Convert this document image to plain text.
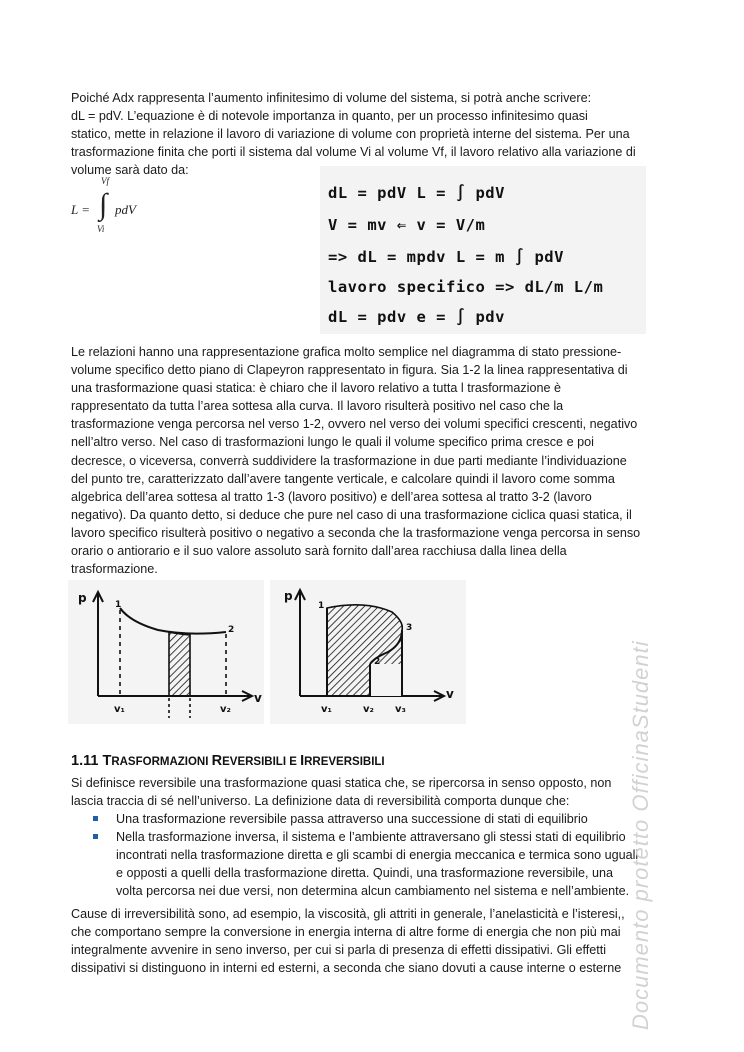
Poiché Adx rappresenta l’aumento infinitesimo di volume del sistema, si potrà anche scrivere:
dL = pdV. L’equazione è di notevole importanza in quanto, per un processo infinitesimo quasi
statico, mette in relazione il lavoro di variazione di volume con proprietà interne del sistema. Per una
trasformazione finita che porti il sistema dal volume Vi al volume Vf, il lavoro relativo alla variazione di
volume sarà dato da:
L = ∫
Vf
Vi
pdV
dL = pdV L = ∫ pdV
V = mv ⇐ v = V/m
=> dL = mpdv L = m ∫ pdV
lavoro specifico => dL/m L/m
dL = pdv e = ∫ pdv
Le relazioni hanno una rappresentazione grafica molto semplice nel diagramma di stato pressione-
volume specifico detto piano di Clapeyron rappresentato in figura. Sia 1-2 la linea rappresentativa di
una trasformazione quasi statica: è chiaro che il lavoro relativo a tutta l trasformazione è
rappresentato da tutta l’area sottesa alla curva. Il lavoro risulterà positivo nel caso che la
trasformazione venga percorsa nel verso 1-2, ovvero nel verso dei volumi specifici crescenti, negativo
nell’altro verso. Nel caso di trasformazioni lungo le quali il volume specifico prima cresce e poi
decresce, o viceversa, converrà suddividere la trasformazione in due parti mediante l’individuazione
del punto tre, caratterizzato dall’avere tangente verticale, e calcolare quindi il lavoro come somma
algebrica dell’area sottesa al tratto 1-3 (lavoro positivo) e dell’area sottesa al tratto 3-2 (lavoro
negativo). Da quanto detto, si deduce che pure nel caso di una trasformazione ciclica quasi statica, il
lavoro specifico risulterà positivo o negativo a seconda che la trasformazione venga percorsa in senso
orario o antiorario e il suo valore assoluto sarà fornito dall’area racchiusa dalla linea della
trasformazione.
p
v
1
2
v₁	v₂
p
v
1
2
3
v₁	v₂ v₃
1.11 TRASFORMAZIONI REVERSIBILI E IRREVERSIBILI
Si definisce reversibile una trasformazione quasi statica che, se ripercorsa in senso opposto, non
lascia traccia di sé nell’universo. La definizione data di reversibilità comporta dunque che:
Una trasformazione reversibile passa attraverso una successione di stati di equilibrio
Nella trasformazione inversa, il sistema e l’ambiente attraversano gli stessi stati di equilibrio
incontrati nella trasformazione diretta e gli scambi di energia meccanica e termica sono uguali
e opposti a quelli della trasformazione diretta. Quindi, una trasformazione reversibile, una
volta percorsa nei due versi, non determina alcun cambiamento nel sistema e nell’ambiente.
Cause di irreversibilità sono, ad esempio, la viscosità, gli attriti in generale, l’anelasticità e l’isteresi,,
che comportano sempre la conversione in energia interna di altre forme di energia che non più mai
integralmente avvenire in seno inverso, per cui si parla di presenza di effetti dissipativi. Gli effetti
dissipativi si distinguono in interni ed esterni, a seconda che siano dovuti a cause interne o esterne Documento protetto OfficinaStudenti
